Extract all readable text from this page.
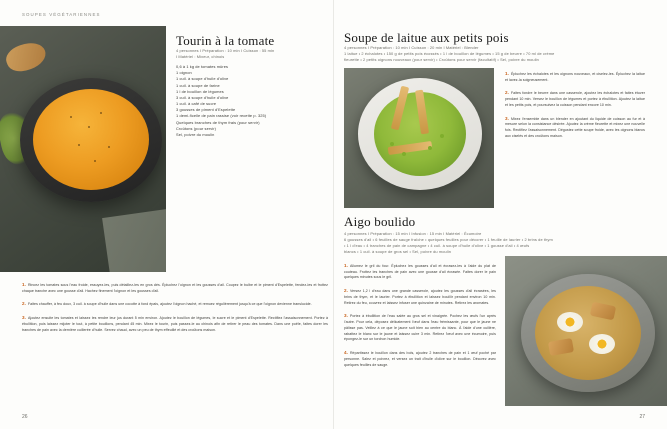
SOUPES VÉGÉTARIENNES
Tourin à la tomate
4 personnes I Préparation : 10 min I Cuisson : 55 min
I Matériel : Mixeur, chinois
0,6 à 1 kg de tomates mûres
1 oignon
1 cuil. à soupe d'huile d'olive
1 cuil. à soupe de farine
1 l de bouillon de légumes
3 cuil. à soupe d'huile d'olive
1 cuil. à café de sucre
3 gousses de piment d'Espelette
1 demi-ficelle de pain rassise (voir recette p. 325)
Quelques branches de thym frais (pour servir)
Croûtons (pour servir)
Sel, poivre du moulin
1. Rincez les tomates sous l'eau froide, essuyez-les, puis détaillez-les en gros dés. Épluchez l'oignon et les gousses d'ail. Coupez le bulbe et le piment d'Espelette, fendez-les et frottez chaque tranche avec une gousse d'ail. Hachez finement l'oignon et les gousses d'ail.
2. Faites chauffer, à feu doux, 3 cuil. à soupe d'huile dans une cocotte à fond épais, ajoutez l'oignon haché, et remuez régulièrement jusqu'à ce que l'oignon devienne translucide.
3. Ajoutez ensuite les tomates et laissez les rendre leur jus durant 5 min environ. Ajoutez le bouillon de légumes, le sucre et le piment d'Espelette. Rectifiez l'assaisonnement. Portez à ébullition, puis laissez mijoter le tout, à petite bouillons, pendant 45 min. Mixez le tourin, puis passez-le au chinois afin de retirer le peau des tomates. Dans une poêle, faites dorer les tranches de pain avec la dernière cuillerée d'huile. Servez chaud, avec un peu de thym effeuillé et des croûtons maison.
26
Soupe de laitue aux petits pois
4 personnes I Préparation : 10 min I Cuisson : 20 min I Matériel : Blender
1 laitue • 2 échalotes • 150 g de petits pois écossés • 1 l de bouillon de légumes • 15 g de beurre • 70 ml de crème
fleurette • 2 petits oignons nouveaux (pour servir) • Croûtons pour servir (facultatif) • Sel, poivre du moulin
1. Épluchez les échalotes et les oignons nouveaux, et ciselez-les. Épluchez la laitue et lavez-la soigneusement.
2. Faites fondre le beurre dans une casserole, ajoutez les échalotes et faites étuver pendant 10 min. Versez le bouillon de légumes et portez à ébullition. Ajoutez la laitue et les petits pois, et poursuivez la cuisson pendant encore 10 min.
3. Mixez l'ensemble dans un blender en ajoutant du liquide de cuisson au fur et à mesure selon la consistance désirée. Ajoutez la crème fleurette et mixez une nouvelle fois. Rectifiez l'assaisonnement. Dégustez cette soupe froide, avec les oignons blancs aux ciselés et des croûtons maison.
Aigo boulido
4 personnes I Préparation : 15 min I Infusion : 15 min I Matériel : Écumoire
6 gousses d'ail • 6 feuilles de sauge fraîche • quelques feuilles pour décorer • 1 feuille de laurier • 2 brins de thym
• 1 l d'eau • 4 tranches de pain de campagne • 4 cuil. à soupe d'huile d'olive • 1 gousse d'ail • 4 œufs
blancs • 1 cuil. à soupe de gros sel • Sel, poivre du moulin
1. Allumez le gril du four. Épluchez les gousses d'ail et écrasez-les à l'aide du plat de couteau. Frottez les tranches de pain avec une gousse d'ail écrasée. Faites dorer le pain quelques minutes sous le gril.
2. Versez 1,2 l d'eau dans une grande casserole, ajoutez les gousses d'ail écrasées, les brins de thym, et le laurier. Portez à ébullition et laissez bouillir pendant environ 10 min. Retirez du feu, couvrez et laissez infuser une quinzaine de minutes. Retirez les aromates.
3. Portez à ébullition de l'eau salée au gros sel et vinaigrée. Pochez les œufs l'un après l'autre. Pour cela, déposez délicatement l'œuf dans l'eau frémissante, pour que le jaune ne pâlisse pas. Veillez à ce que le jaune soit bien au centre du blanc. À l'aide d'une cuillère, rabattez le blanc sur le jaune et laissez cuire 3 min. Retirez l'œuf avec une écumoire, puis épongez-le sur un torchon humide.
4. Répartissez le bouillon dans des bols, ajoutez 2 tranches de pain et 1 œuf poché par personne. Salez et poivrez, et versez un trait d'huile d'olive sur le bouillon. Décorez avec quelques feuilles de sauge.
27
